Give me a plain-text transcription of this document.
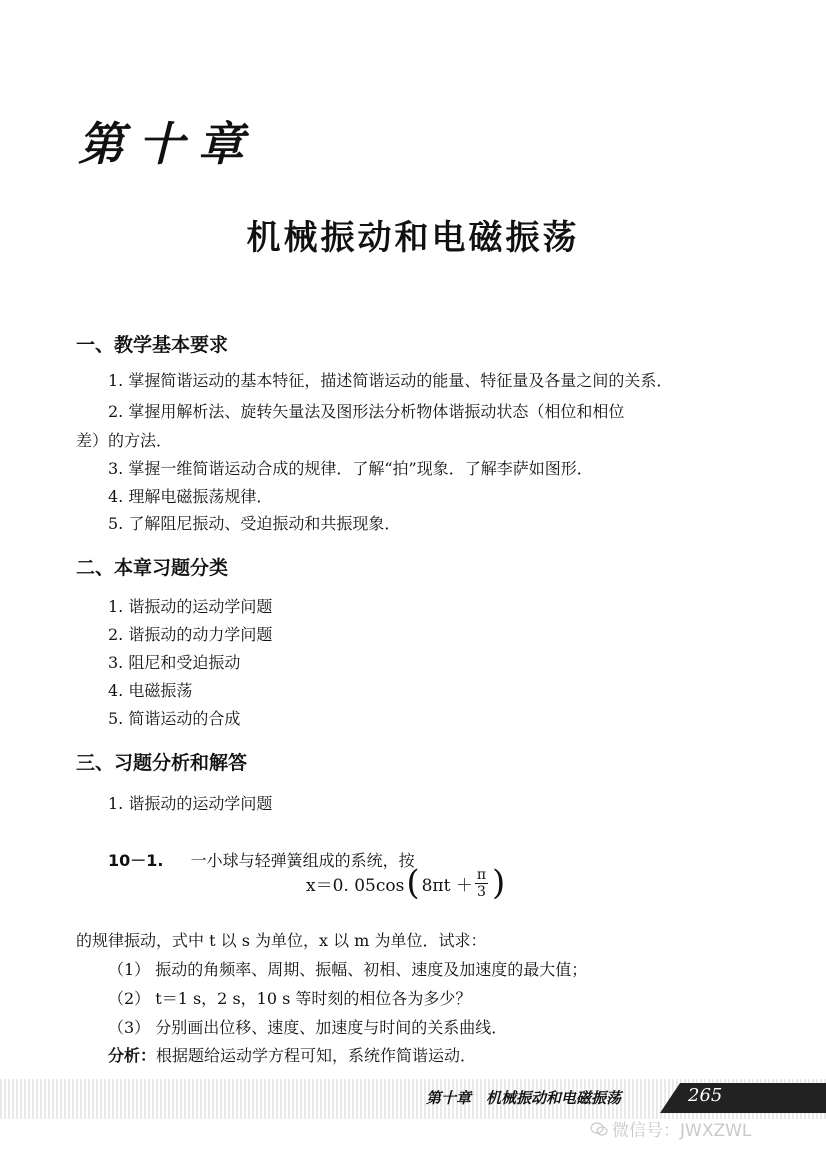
第十章
机械振动和电磁振荡
一、教学基本要求
1. 掌握简谐运动的基本特征，描述简谐运动的能量、特征量及各量之间的关系．
2. 掌握用解析法、旋转矢量法及图形法分析物体谐振动状态（相位和相位
差）的方法．
3. 掌握一维简谐运动合成的规律．了解“拍”现象．了解李萨如图形．
4. 理解电磁振荡规律．
5. 了解阻尼振动、受迫振动和共振现象．
二、本章习题分类
1. 谐振动的运动学问题
2. 谐振动的动力学问题
3. 阻尼和受迫振动
4. 电磁振荡
5. 简谐运动的合成
三、习题分析和解答
1. 谐振动的运动学问题
10－1. 一小球与轻弹簧组成的系统，按
x＝0. 05cos ( $8\pi t + \frac{\pi}{3}$ )
的规律振动，式中 t 以 s 为单位，x 以 m 为单位．试求：
（1） 振动的角频率、周期、振幅、初相、速度及加速度的最大值；
（2） t＝1 s，2 s，10 s 等时刻的相位各为多少？
（3） 分别画出位移、速度、加速度与时间的关系曲线．
分析：根据题给运动学方程可知，系统作简谐运动．
第十章　机械振动和电磁振荡	265
微信号：JWXZWL
